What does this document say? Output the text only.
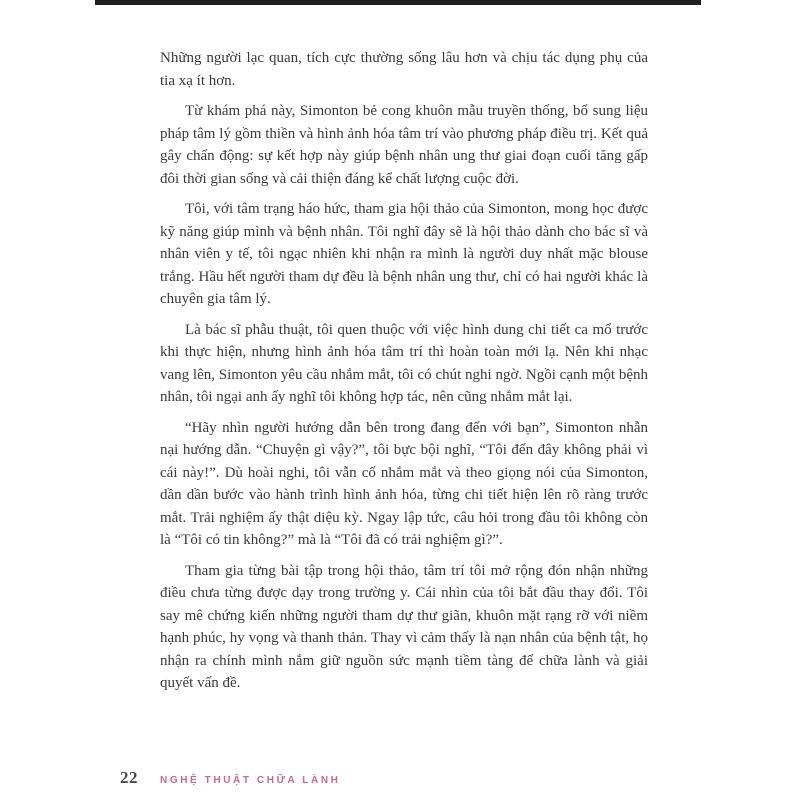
Những người lạc quan, tích cực thường sống lâu hơn và chịu tác dụng phụ của tia xạ ít hơn.

Từ khám phá này, Simonton bẻ cong khuôn mẫu truyền thống, bổ sung liệu pháp tâm lý gồm thiền và hình ảnh hóa tâm trí vào phương pháp điều trị. Kết quả gây chấn động: sự kết hợp này giúp bệnh nhân ung thư giai đoạn cuối tăng gấp đôi thời gian sống và cải thiện đáng kể chất lượng cuộc đời.

Tôi, với tâm trạng háo hức, tham gia hội thảo của Simonton, mong học được kỹ năng giúp mình và bệnh nhân. Tôi nghĩ đây sẽ là hội thảo dành cho bác sĩ và nhân viên y tế, tôi ngạc nhiên khi nhận ra mình là người duy nhất mặc blouse trắng. Hầu hết người tham dự đều là bệnh nhân ung thư, chỉ có hai người khác là chuyên gia tâm lý.

Là bác sĩ phẫu thuật, tôi quen thuộc với việc hình dung chi tiết ca mổ trước khi thực hiện, nhưng hình ảnh hóa tâm trí thì hoàn toàn mới lạ. Nên khi nhạc vang lên, Simonton yêu cầu nhắm mắt, tôi có chút nghi ngờ. Ngồi cạnh một bệnh nhân, tôi ngại anh ấy nghĩ tôi không hợp tác, nên cũng nhắm mắt lại.

“Hãy nhìn người hướng dẫn bên trong đang đến với bạn”, Simonton nhẫn nại hướng dẫn. “Chuyện gì vậy?”, tôi bực bội nghĩ, “Tôi đến đây không phải vì cái này!”. Dù hoài nghi, tôi vẫn cố nhắm mắt và theo giọng nói của Simonton, dần dần bước vào hành trình hình ảnh hóa, từng chi tiết hiện lên rõ ràng trước mắt. Trải nghiệm ấy thật diệu kỳ. Ngay lập tức, câu hỏi trong đầu tôi không còn là “Tôi có tin không?” mà là “Tôi đã có trải nghiệm gì?”.

Tham gia từng bài tập trong hội thảo, tâm trí tôi mở rộng đón nhận những điều chưa từng được dạy trong trường y. Cái nhìn của tôi bắt đầu thay đổi. Tôi say mê chứng kiến những người tham dự thư giãn, khuôn mặt rạng rỡ với niềm hạnh phúc, hy vọng và thanh thản. Thay vì cảm thấy là nạn nhân của bệnh tật, họ nhận ra chính mình nắm giữ nguồn sức mạnh tiềm tàng để chữa lành và giải quyết vấn đề.

22 NGHỆ THUẬT CHỮA LÀNH
